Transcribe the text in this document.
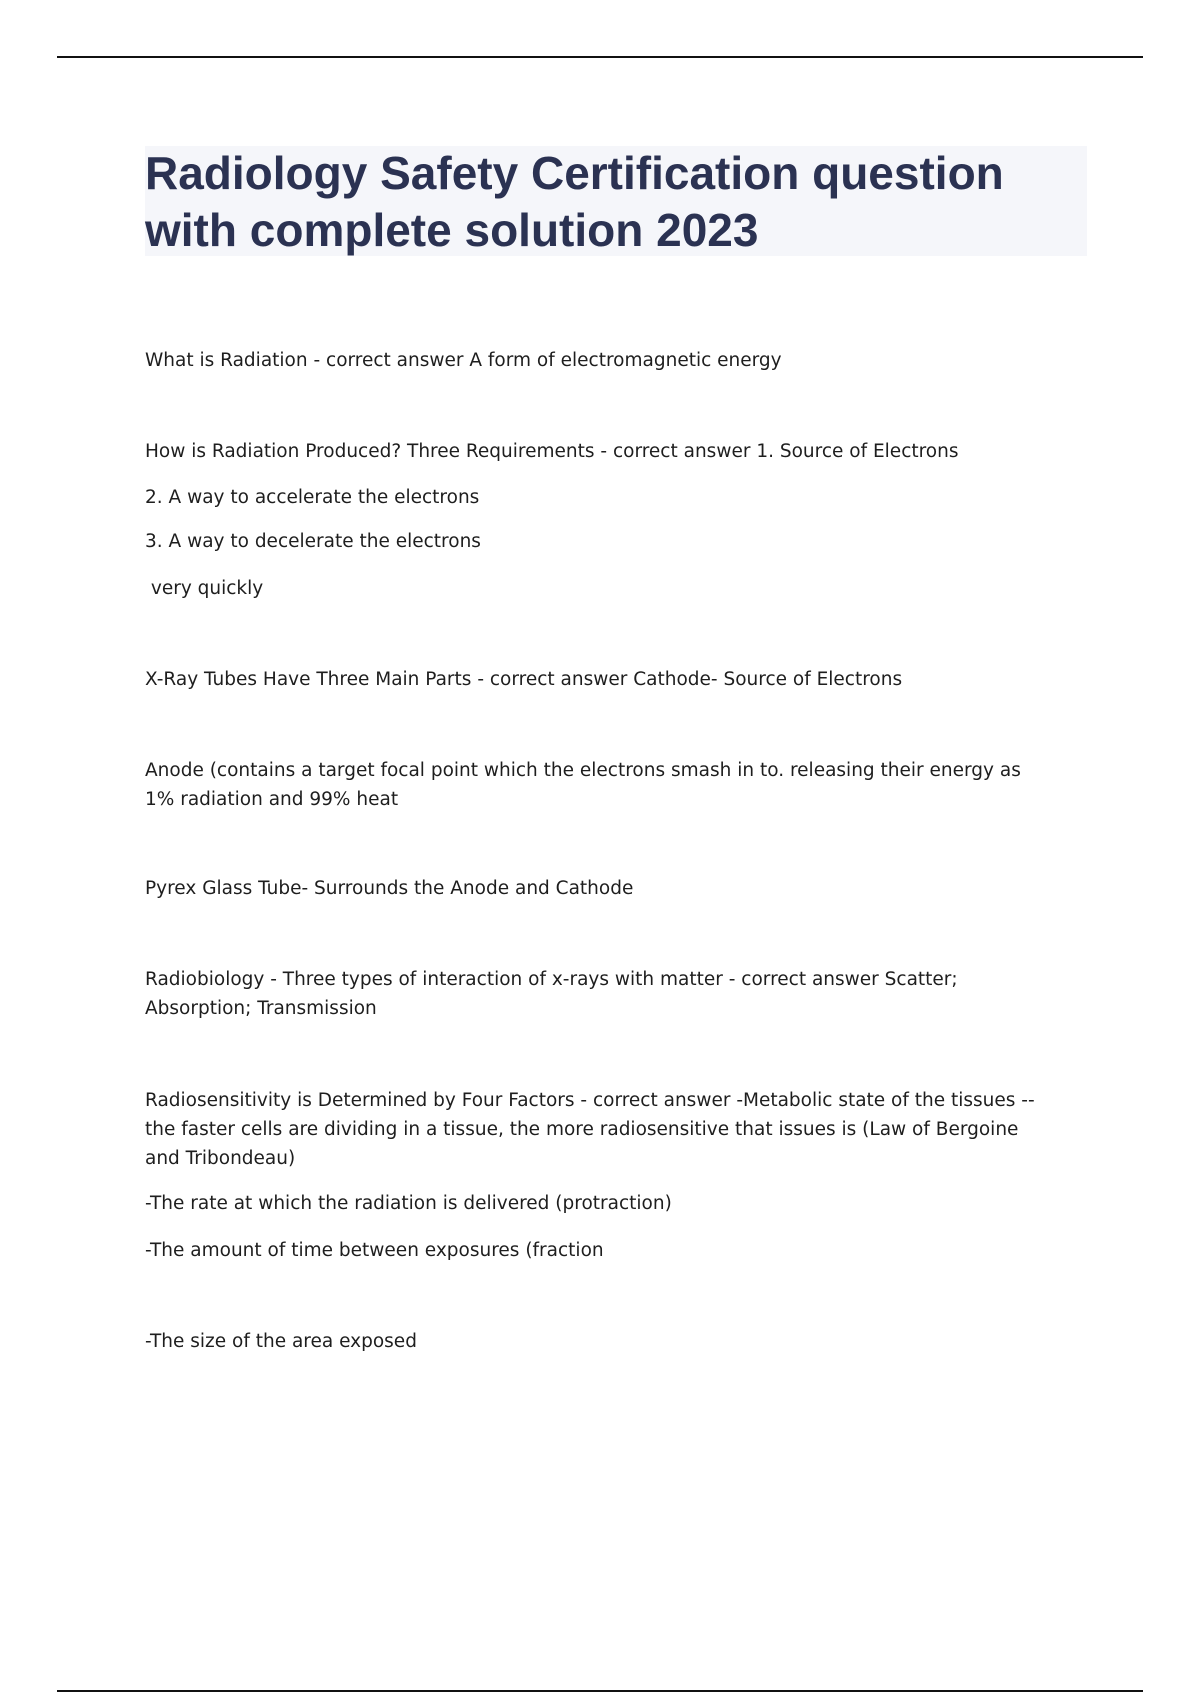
Radiology Safety Certification question with complete solution 2023

What is Radiation - correct answer A form of electromagnetic energy

How is Radiation Produced? Three Requirements - correct answer 1. Source of Electrons

2. A way to accelerate the electrons

3. A way to decelerate the electrons

very quickly

X-Ray Tubes Have Three Main Parts - correct answer Cathode- Source of Electrons

Anode (contains a target focal point which the electrons smash in to. releasing their energy as 1% radiation and 99% heat

Pyrex Glass Tube- Surrounds the Anode and Cathode

Radiobiology - Three types of interaction of x-rays with matter - correct answer Scatter; Absorption; Transmission

Radiosensitivity is Determined by Four Factors - correct answer -Metabolic state of the tissues --the faster cells are dividing in a tissue, the more radiosensitive that issues is (Law of Bergoine and Tribondeau)

-The rate at which the radiation is delivered (protraction)

-The amount of time between exposures (fraction

-The size of the area exposed
